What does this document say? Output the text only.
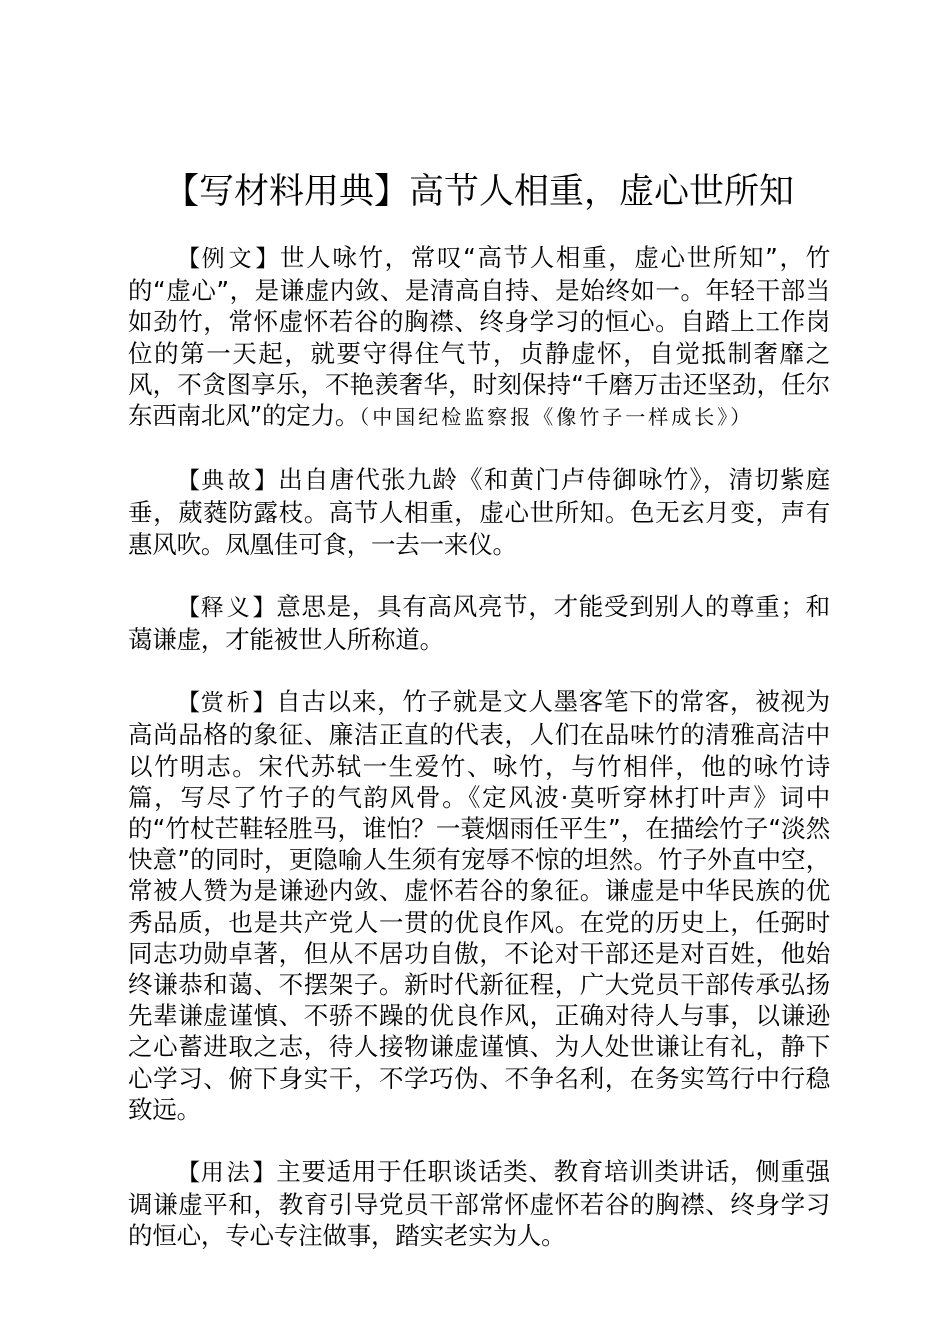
【写材料用典】高节人相重，虚心世所知

【例文】世人咏竹，常叹“高节人相重，虚心世所知”，竹的“虚心”，是谦虚内敛、是清高自持、是始终如一。年轻干部当如劲竹，常怀虚怀若谷的胸襟、终身学习的恒心。自踏上工作岗位的第一天起，就要守得住气节，贞静虚怀，自觉抵制奢靡之风，不贪图享乐，不艳羡奢华，时刻保持“千磨万击还坚劲，任尔东西南北风”的定力。（中国纪检监察报《像竹子一样成长》）

【典故】出自唐代张九龄《和黄门卢侍御咏竹》，清切紫庭垂，葳蕤防露枝。高节人相重，虚心世所知。色无玄月变，声有惠风吹。凤凰佳可食，一去一来仪。

【释义】意思是，具有高风亮节，才能受到别人的尊重；和蔼谦虚，才能被世人所称道。

【赏析】自古以来，竹子就是文人墨客笔下的常客，被视为高尚品格的象征、廉洁正直的代表，人们在品味竹的清雅高洁中以竹明志。宋代苏轼一生爱竹、咏竹，与竹相伴，他的咏竹诗篇，写尽了竹子的气韵风骨。《定风波·莫听穿林打叶声》词中的“竹杖芒鞋轻胜马，谁怕？一蓑烟雨任平生”，在描绘竹子“淡然快意”的同时，更隐喻人生须有宠辱不惊的坦然。竹子外直中空，常被人赞为是谦逊内敛、虚怀若谷的象征。谦虚是中华民族的优秀品质，也是共产党人一贯的优良作风。在党的历史上，任弼时同志功勋卓著，但从不居功自傲，不论对干部还是对百姓，他始终谦恭和蔼、不摆架子。新时代新征程，广大党员干部传承弘扬先辈谦虚谨慎、不骄不躁的优良作风，正确对待人与事，以谦逊之心蓄进取之志，待人接物谦虚谨慎、为人处世谦让有礼，静下心学习、俯下身实干，不学巧伪、不争名利，在务实笃行中行稳致远。

【用法】主要适用于任职谈话类、教育培训类讲话，侧重强调谦虚平和，教育引导党员干部常怀虚怀若谷的胸襟、终身学习的恒心，专心专注做事，踏实老实为人。
